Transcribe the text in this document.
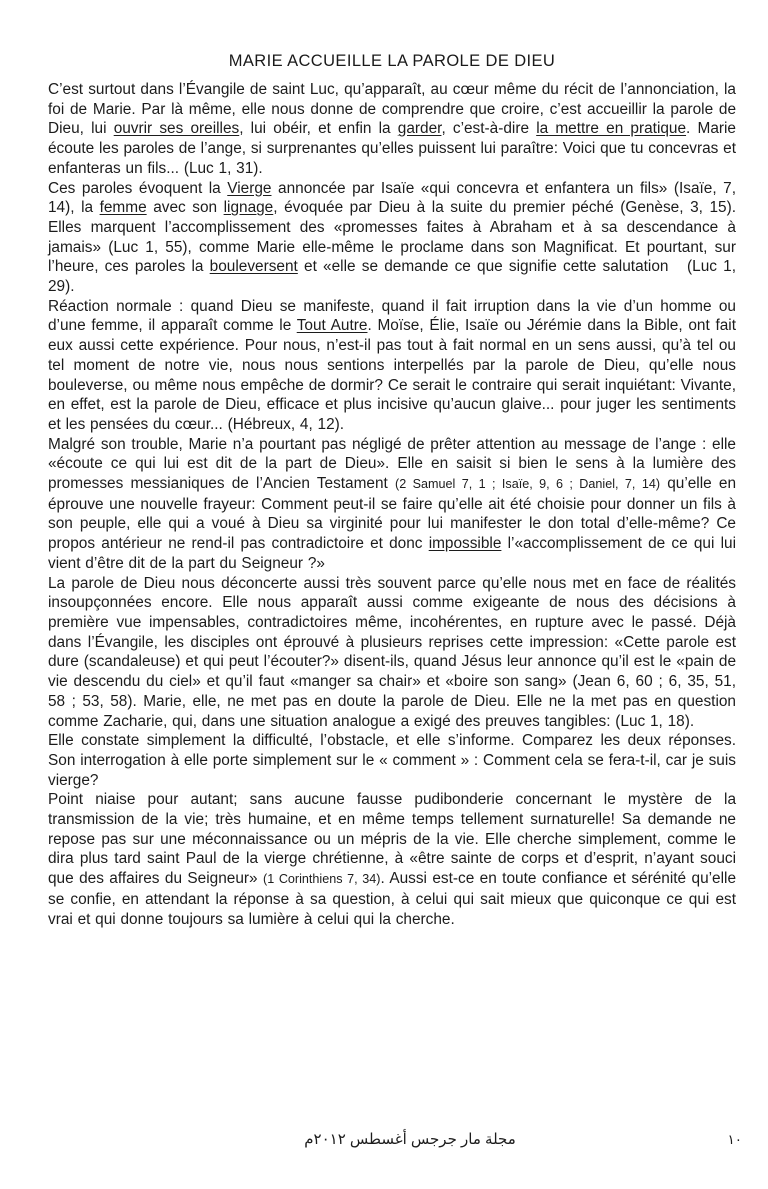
MARIE ACCUEILLE LA PAROLE DE DIEU

C’est surtout dans l’Évangile de saint Luc, qu’apparaît, au cœur même du récit de l’annonciation, la foi de Marie. Par là même, elle nous donne de comprendre que croire, c’est accueillir la parole de Dieu, lui ouvrir ses oreilles, lui obéir, et enfin la garder, c’est-à-dire la mettre en pratique. Marie écoute les paroles de l’ange, si surprenantes qu’elles puissent lui paraître: Voici que tu concevras et enfanteras un fils... (Luc 1, 31).

Ces paroles évoquent la Vierge annoncée par Isaïe «qui concevra et enfantera un fils» (Isaïe, 7, 14), la femme avec son lignage, évoquée par Dieu à la suite du premier péché (Genèse, 3, 15). Elles marquent l’accomplissement des «promesses faites à Abraham et à sa descendance à jamais» (Luc 1, 55), comme Marie elle-même le proclame dans son Magnificat. Et pourtant, sur l’heure, ces paroles la bouleversent et «elle se demande ce que signifie cette salutation   (Luc 1, 29).

Réaction normale : quand Dieu se manifeste, quand il fait irruption dans la vie d’un homme ou d’une femme, il apparaît comme le Tout Autre. Moïse, Élie, Isaïe ou Jérémie dans la Bible, ont fait eux aussi cette expérience. Pour nous, n’est-il pas tout à fait normal en un sens aussi, qu’à tel ou tel moment de notre vie, nous nous sentions interpellés par la parole de Dieu, qu’elle nous bouleverse, ou même nous empêche de dormir? Ce serait le contraire qui serait inquiétant: Vivante, en effet, est la parole de Dieu, efficace et plus incisive qu’aucun glaive... pour juger les sentiments et les pensées du cœur... (Hébreux, 4, 12).

Malgré son trouble, Marie n’a pourtant pas négligé de prêter attention au message de l’ange : elle «écoute ce qui lui est dit de la part de Dieu». Elle en saisit si bien le sens à la lumière des promesses messianiques de l’Ancien Testament (2 Samuel 7, 1 ; Isaïe, 9, 6 ; Daniel, 7, 14) qu’elle en éprouve une nouvelle frayeur: Comment peut-il se faire qu’elle ait été choisie pour donner un fils à son peuple, elle qui a voué à Dieu sa virginité pour lui manifester le don total d’elle-même? Ce propos antérieur ne rend-il pas contradictoire et donc impossible l’«accomplissement de ce qui lui vient d’être dit de la part du Seigneur ?»

La parole de Dieu nous déconcerte aussi très souvent parce qu’elle nous met en face de réalités insoupçonnées encore. Elle nous apparaît aussi comme exigeante de nous des décisions à première vue impensables, contradictoires même, incohérentes, en rupture avec le passé. Déjà dans l’Évangile, les disciples ont éprouvé à plusieurs reprises cette impression: «Cette parole est dure (scandaleuse) et qui peut l’écouter?» disent-ils, quand Jésus leur annonce qu’il est le «pain de vie descendu du ciel» et qu’il faut «manger sa chair» et «boire son sang» (Jean 6, 60 ; 6, 35, 51, 58 ; 53, 58). Marie, elle, ne met pas en doute la parole de Dieu. Elle ne la met pas en question comme Zacharie, qui, dans une situation analogue a exigé des preuves tangibles: (Luc 1, 18).

Elle constate simplement la difficulté, l’obstacle, et elle s’informe. Comparez les deux réponses. Son interrogation à elle porte simplement sur le « comment » : Comment cela se fera-t-il, car je suis vierge?

Point niaise pour autant; sans aucune fausse pudibonderie concernant le mystère de la transmission de la vie; très humaine, et en même temps tellement surnaturelle! Sa demande ne repose pas sur une méconnaissance ou un mépris de la vie. Elle cherche simplement, comme le dira plus tard saint Paul de la vierge chrétienne, à «être sainte de corps et d’esprit, n’ayant souci que des affaires du Seigneur» (1 Corinthiens 7, 34). Aussi est-ce en toute confiance et sérénité qu’elle se confie, en attendant la réponse à sa question, à celui qui sait mieux que quiconque ce qui est vrai et qui donne toujours sa lumière à celui qui la cherche.

مجلة مار جرجس أغسطس ٢٠١٢م	١٠
